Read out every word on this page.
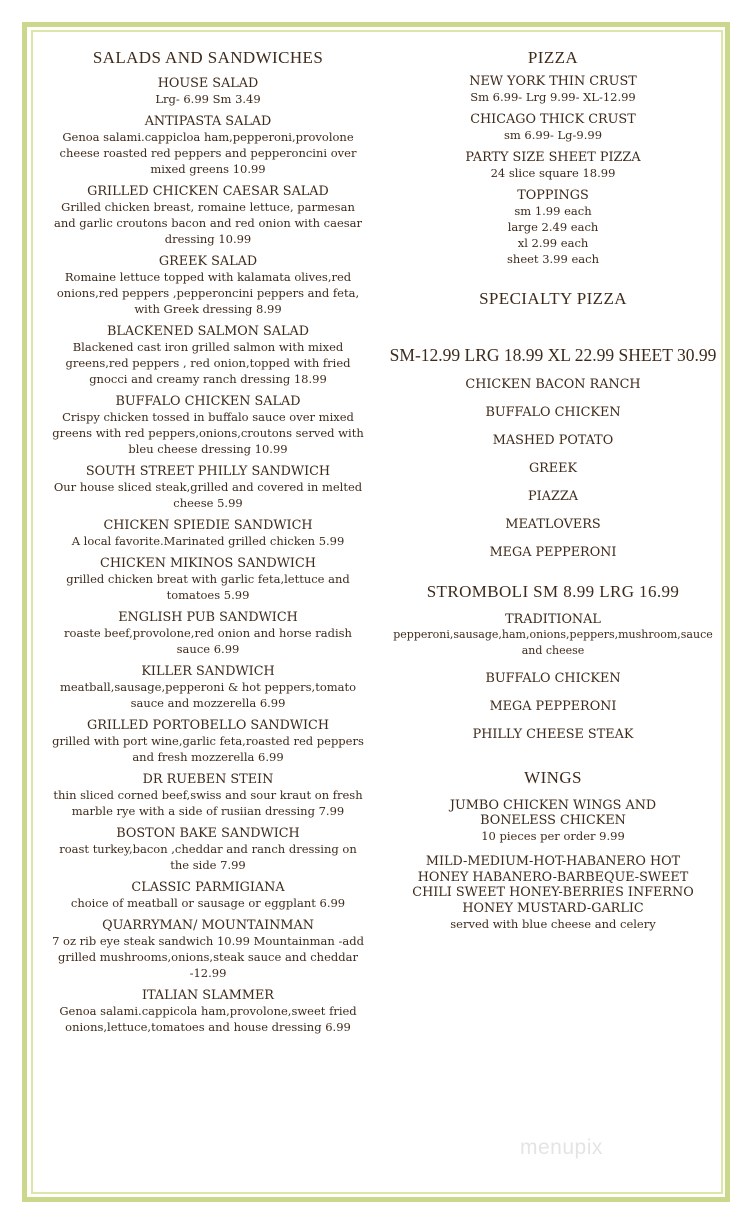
SALADS AND SANDWICHES
HOUSE SALAD
Lrg- 6.99 Sm 3.49
ANTIPASTA SALAD
Genoa salami.cappicloa ham,pepperoni,provolone cheese roasted red peppers and pepperoncini over mixed greens 10.99
GRILLED CHICKEN CAESAR SALAD
Grilled chicken breast, romaine lettuce, parmesan and garlic croutons bacon and red onion with caesar dressing 10.99
GREEK SALAD
Romaine lettuce topped with kalamata olives,red onions,red peppers ,pepperoncini peppers and feta, with Greek dressing 8.99
BLACKENED SALMON SALAD
Blackened cast iron grilled salmon with mixed greens,red peppers , red onion,topped with fried gnocci and creamy ranch dressing 18.99
BUFFALO CHICKEN SALAD
Crispy chicken tossed in buffalo sauce over mixed greens with red peppers,onions,croutons served with bleu cheese dressing 10.99
SOUTH STREET PHILLY SANDWICH
Our house sliced steak,grilled and covered in melted cheese 5.99
CHICKEN SPIEDIE SANDWICH
A local favorite.Marinated grilled chicken 5.99
CHICKEN MIKINOS SANDWICH
grilled chicken breat with garlic feta,lettuce and tomatoes 5.99
ENGLISH PUB SANDWICH
roaste beef,provolone,red onion and horse radish sauce 6.99
KILLER SANDWICH
meatball,sausage,pepperoni & hot peppers,tomato sauce and mozzerella 6.99
GRILLED PORTOBELLO SANDWICH
grilled with port wine,garlic feta,roasted red peppers and fresh mozzerella 6.99
DR RUEBEN STEIN
thin sliced corned beef,swiss and sour kraut on fresh marble rye with a side of rusiian dressing 7.99
BOSTON BAKE SANDWICH
roast turkey,bacon ,cheddar and ranch dressing on the side 7.99
CLASSIC PARMIGIANA
choice of meatball or sausage or eggplant 6.99
QUARRYMAN/ MOUNTAINMAN
7 oz rib eye steak sandwich 10.99 Mountainman -add grilled mushrooms,onions,steak sauce and cheddar -12.99
ITALIAN SLAMMER
Genoa salami.cappicola ham,provolone,sweet fried onions,lettuce,tomatoes and house dressing 6.99
PIZZA
NEW YORK THIN CRUST
Sm 6.99- Lrg 9.99- XL-12.99
CHICAGO THICK CRUST
sm 6.99- Lg-9.99
PARTY SIZE SHEET PIZZA
24 slice square 18.99
TOPPINGS
sm 1.99 each
large 2.49 each
xl 2.99 each
sheet 3.99 each
SPECIALTY PIZZA
SM-12.99 LRG 18.99 XL 22.99 SHEET 30.99
CHICKEN BACON RANCH
BUFFALO CHICKEN
MASHED POTATO
GREEK
PIAZZA
MEATLOVERS
MEGA PEPPERONI
STROMBOLI SM 8.99 LRG 16.99
TRADITIONAL
pepperoni,sausage,ham,onions,peppers,mushroom,sauce and cheese
BUFFALO CHICKEN
MEGA PEPPERONI
PHILLY CHEESE STEAK
WINGS
JUMBO CHICKEN WINGS AND BONELESS CHICKEN
10 pieces per order 9.99
MILD-MEDIUM-HOT-HABANERO HOT HONEY HABANERO-BARBEQUE-SWEET CHILI SWEET HONEY-BERRIES INFERNO HONEY MUSTARD-GARLIC
served with blue cheese and celery
menupix
